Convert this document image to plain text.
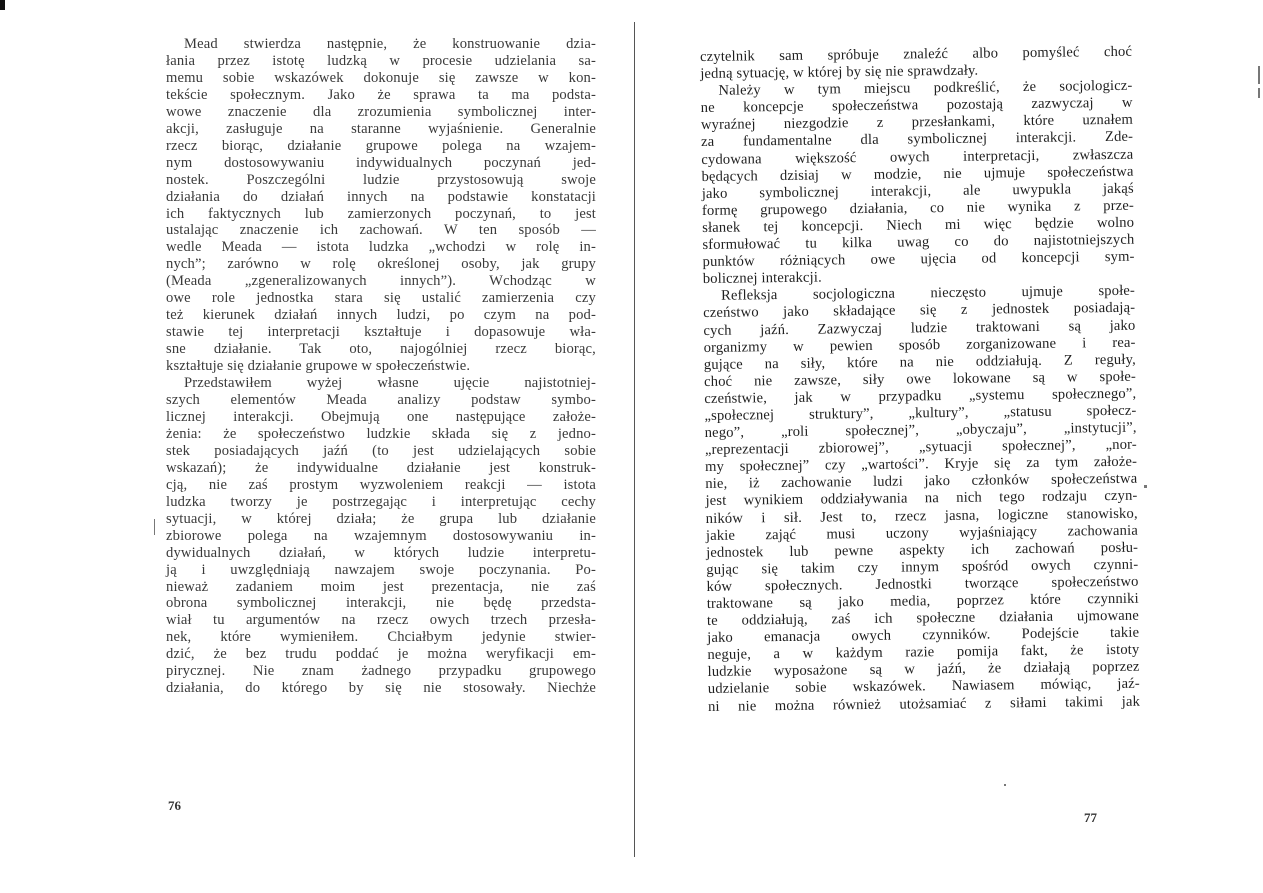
Mead stwierdza następnie, że konstruowanie dzia-
łania przez istotę ludzką w procesie udzielania sa-
memu sobie wskazówek dokonuje się zawsze w kon-
tekście społecznym. Jako że sprawa ta ma podsta-
wowe znaczenie dla zrozumienia symbolicznej inter-
akcji, zasługuje na staranne wyjaśnienie. Generalnie
rzecz biorąc, działanie grupowe polega na wzajem-
nym dostosowywaniu indywidualnych poczynań jed-
nostek. Poszczególni ludzie przystosowują swoje
działania do działań innych na podstawie konstatacji
ich faktycznych lub zamierzonych poczynań, to jest
ustalając znaczenie ich zachowań. W ten sposób —
wedle Meada — istota ludzka „wchodzi w rolę in-
nych”; zarówno w rolę określonej osoby, jak grupy
(Meada „zgeneralizowanych innych”). Wchodząc w
owe role jednostka stara się ustalić zamierzenia czy
też kierunek działań innych ludzi, po czym na pod-
stawie tej interpretacji kształtuje i dopasowuje wła-
sne działanie. Tak oto, najogólniej rzecz biorąc,
kształtuje się działanie grupowe w społeczeństwie.
Przedstawiłem wyżej własne ujęcie najistotniej-
szych elementów Meada analizy podstaw symbo-
licznej interakcji. Obejmują one następujące założe-
żenia: że społeczeństwo ludzkie składa się z jedno-
stek posiadających jaźń (to jest udzielających sobie
wskazań); że indywidualne działanie jest konstruk-
cją, nie zaś prostym wyzwoleniem reakcji — istota
ludzka tworzy je postrzegając i interpretując cechy
sytuacji, w której działa; że grupa lub działanie
zbiorowe polega na wzajemnym dostosowywaniu in-
dywidualnych działań, w których ludzie interpretu-
ją i uwzględniają nawzajem swoje poczynania. Po-
nieważ zadaniem moim jest prezentacja, nie zaś
obrona symbolicznej interakcji, nie będę przedsta-
wiał tu argumentów na rzecz owych trzech przesła-
nek, które wymieniłem. Chciałbym jedynie stwier-
dzić, że bez trudu poddać je można weryfikacji em-
pirycznej. Nie znam żadnego przypadku grupowego
działania, do którego by się nie stosowały. Niechże
76
czytelnik sam spróbuje znaleźć albo pomyśleć choć
jedną sytuację, w której by się nie sprawdzały.
Należy w tym miejscu podkreślić, że socjologicz-
ne koncepcje społeczeństwa pozostają zazwyczaj w
wyraźnej niezgodzie z przesłankami, które uznałem
za fundamentalne dla symbolicznej interakcji. Zde-
cydowana większość owych interpretacji, zwłaszcza
będących dzisiaj w modzie, nie ujmuje społeczeństwa
jako symbolicznej interakcji, ale uwypukla jakąś
formę grupowego działania, co nie wynika z prze-
słanek tej koncepcji. Niech mi więc będzie wolno
sformułować tu kilka uwag co do najistotniejszych
punktów różniących owe ujęcia od koncepcji sym-
bolicznej interakcji.
Refleksja socjologiczna nieczęsto ujmuje społe-
czeństwo jako składające się z jednostek posiadają-
cych jaźń. Zazwyczaj ludzie traktowani są jako
organizmy w pewien sposób zorganizowane i rea-
gujące na siły, które na nie oddziałują. Z reguły,
choć nie zawsze, siły owe lokowane są w społe-
czeństwie, jak w przypadku „systemu społecznego”,
„społecznej struktury”, „kultury”, „statusu społecz-
nego”, „roli społecznej”, „obyczaju”, „instytucji”,
„reprezentacji zbiorowej”, „sytuacji społecznej”, „nor-
my społecznej” czy „wartości”. Kryje się za tym założe-
nie, iż zachowanie ludzi jako członków społeczeństwa
jest wynikiem oddziaływania na nich tego rodzaju czyn-
ników i sił. Jest to, rzecz jasna, logiczne stanowisko,
jakie zająć musi uczony wyjaśniający zachowania
jednostek lub pewne aspekty ich zachowań posłu-
gując się takim czy innym spośród owych czynni-
ków społecznych. Jednostki tworzące społeczeństwo
traktowane są jako media, poprzez które czynniki
te oddziałują, zaś ich społeczne działania ujmowane
jako emanacja owych czynników. Podejście takie
neguje, a w każdym razie pomija fakt, że istoty
ludzkie wyposażone są w jaźń, że działają poprzez
udzielanie sobie wskazówek. Nawiasem mówiąc, jaź-
ni nie można również utożsamiać z siłami takimi jak
77
